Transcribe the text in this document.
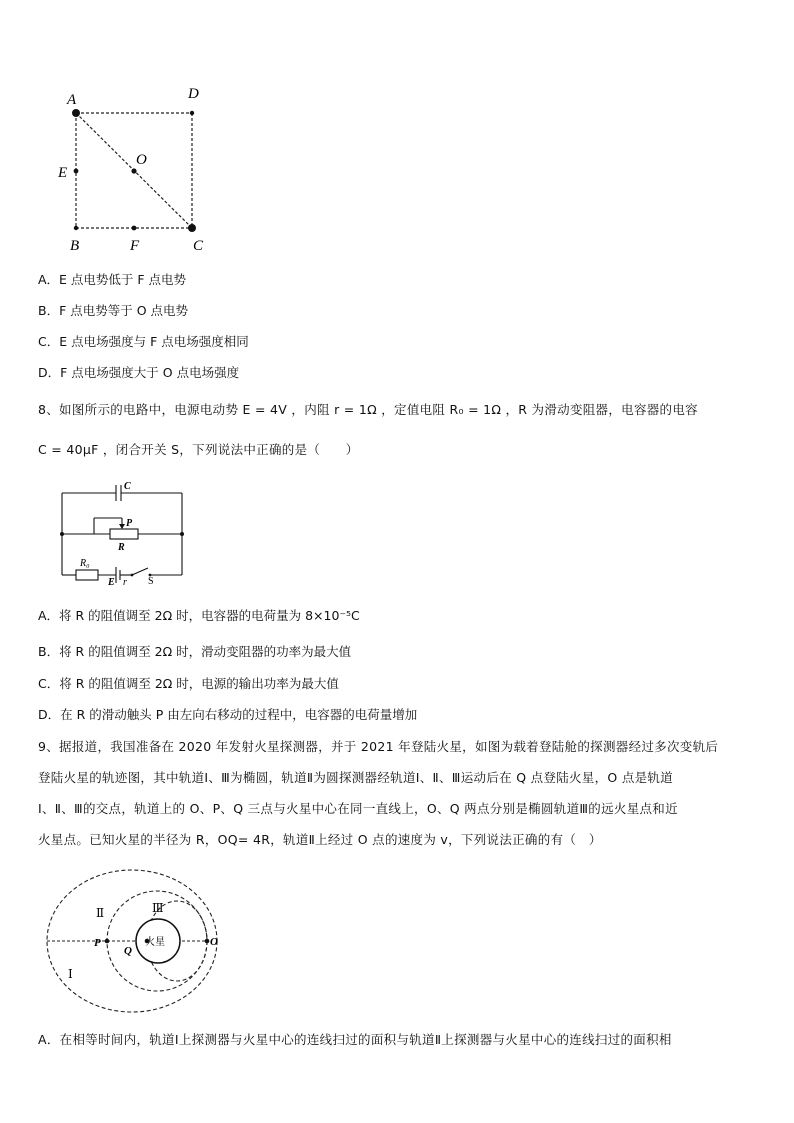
A	D
O
E
B	F	C
A．E 点电势低于 F 点电势
B．F 点电势等于 O 点电势
C．E 点电场强度与 F 点电场强度相同
D．F 点电场强度大于 O 点电场强度
8、如图所示的电路中，电源电动势 E = 4V ，内阻 r = 1Ω ，定值电阻 R₀ = 1Ω ，R 为滑动变阻器，电容器的电容
C = 40μF ，闭合开关 S，下列说法中正确的是（　　）
C
P
R
R₀
E r S
A．将 R 的阻值调至 2Ω 时，电容器的电荷量为 8×10⁻⁵C
B．将 R 的阻值调至 2Ω 时，滑动变阻器的功率为最大值
C．将 R 的阻值调至 2Ω 时，电源的输出功率为最大值
D．在 R 的滑动触头 P 由左向右移动的过程中，电容器的电荷量增加
9、据报道，我国准备在 2020 年发射火星探测器，并于 2021 年登陆火星，如图为载着登陆舱的探测器经过多次变轨后
登陆火星的轨迹图，其中轨道Ⅰ、Ⅲ为椭圆，轨道Ⅱ为圆探测器经轨道Ⅰ、Ⅱ、Ⅲ运动后在 Q 点登陆火星，O 点是轨道
Ⅰ、Ⅱ、Ⅲ的交点，轨道上的 O、P、Q 三点与火星中心在同一直线上，O、Q 两点分别是椭圆轨道Ⅲ的远火星点和近
火星点。已知火星的半径为 R，OQ= 4R，轨道Ⅱ上经过 O 点的速度为 v，下列说法正确的有（　）
火星
Ⅱ	Ⅲ
Ⅰ
P
Q
O
A．在相等时间内，轨道Ⅰ上探测器与火星中心的连线扫过的面积与轨道Ⅱ上探测器与火星中心的连线扫过的面积相
